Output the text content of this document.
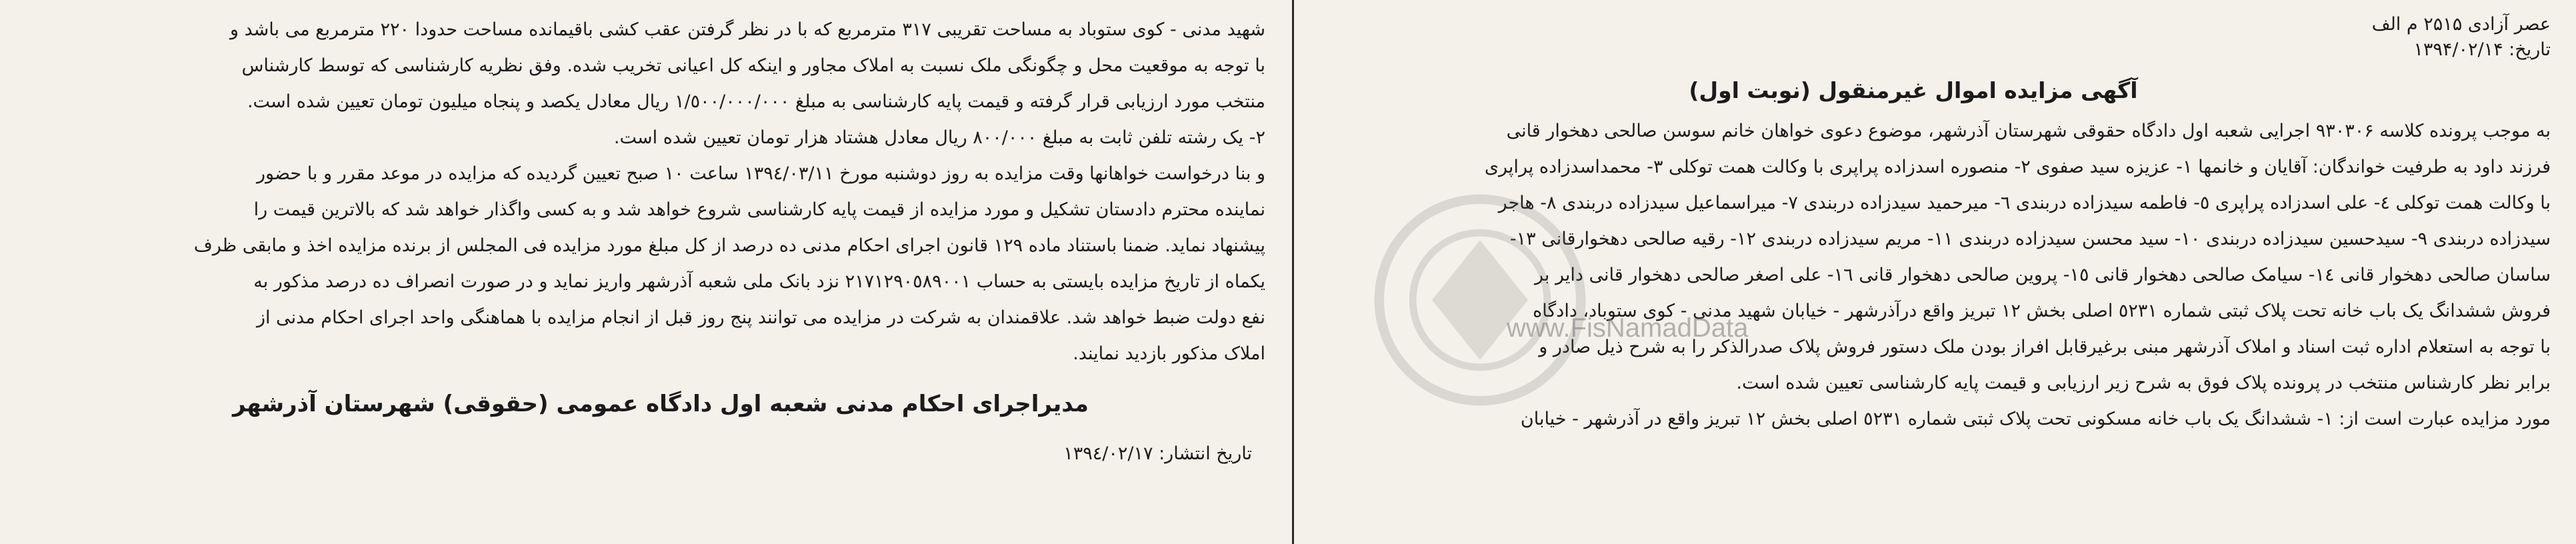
عصر آزادی ۲۵۱۵ م الف
تاریخ: ۱۳۹۴/۰۲/۱۴
آگهی مزایده اموال غیرمنقول (نوبت اول)
به موجب پرونده کلاسه ۹۳۰۳۰۶ اجرایی شعبه اول دادگاه حقوقی شهرستان آذرشهر، موضوع دعوی خواهان خانم سوسن صالحی دهخوار قانی
فرزند داود به طرفیت خواندگان: آقایان و خانمها ۱- عزیزه سید صفوی ۲- منصوره اسدزاده پراپری با وکالت همت توکلی ۳- محمداسدزاده پراپری
با وکالت همت توکلی ٤- علی اسدزاده پراپری ٥- فاطمه سیدزاده دربندی ٦- میرحمید سیدزاده دربندی ۷- میراسماعیل سیدزاده دربندی ۸- هاجر
سیدزاده دربندی ۹- سیدحسین سیدزاده دربندی ۱۰- سید محسن سیدزاده دربندی ۱۱- مریم سیدزاده دربندی ۱۲- رقیه صالحی دهخوارقانی ۱۳-
ساسان صالحی دهخوار قانی ۱٤- سیامک صالحی دهخوار قانی ۱٥- پروین صالحی دهخوار قانی ۱٦- علی اصغر صالحی دهخوار قانی دایر بر
فروش ششدانگ یک باب خانه تحت پلاک ثبتی شماره ٥۲۳۱ اصلی بخش ۱۲ تبریز واقع درآذرشهر - خیابان شهید مدنی - کوی ستوباد، دادگاه
با توجه به استعلام اداره ثبت اسناد و املاک آذرشهر مبنی برغیرقابل افراز بودن ملک دستور فروش پلاک صدرالذکر را به شرح ذیل صادر و
برابر نظر کارشناس منتخب در پرونده پلاک فوق به شرح زیر ارزیابی و قیمت پایه کارشناسی تعیین شده است.
مورد مزایده عبارت است از: ۱- ششدانگ یک باب خانه مسکونی تحت پلاک ثبتی شماره ٥۲۳۱ اصلی بخش ۱۲ تبریز واقع در آذرشهر - خیابان
شهید مدنی - کوی ستوباد به مساحت تقریبی ۳۱۷ مترمربع که با در نظر گرفتن عقب کشی باقیمانده مساحت حدودا ۲۲۰ مترمربع می باشد و
با توجه به موقعیت محل و چگونگی ملک نسبت به املاک مجاور و اینکه کل اعیانی تخریب شده. وفق نظریه کارشناسی که توسط کارشناس
منتخب مورد ارزیابی قرار گرفته و قیمت پایه کارشناسی به مبلغ ۱/٥۰۰/۰۰۰/۰۰۰ ریال معادل یکصد و پنجاه میلیون تومان تعیین شده است.
۲- یک رشته تلفن ثابت به مبلغ ۸۰۰/۰۰۰ ریال معادل هشتاد هزار تومان تعیین شده است.
و بنا درخواست خواهانها وقت مزایده به روز دوشنبه مورخ ۱۳۹٤/۰۳/۱۱ ساعت ۱۰ صبح تعیین گردیده که مزایده در موعد مقرر و با حضور
نماینده محترم دادستان تشکیل و مورد مزایده از قیمت پایه کارشناسی شروع خواهد شد و به کسی واگذار خواهد شد که بالاترین قیمت را
پیشنهاد نماید. ضمنا باستناد ماده ۱۲۹ قانون اجرای احکام مدنی ده درصد از کل مبلغ مورد مزایده فی المجلس از برنده مزایده اخذ و مابقی ظرف
یکماه از تاریخ مزایده بایستی به حساب ۲۱۷۱۲۹۰٥۸۹۰۰۱ نزد بانک ملی شعبه آذرشهر واریز نماید و در صورت انصراف ده درصد مذکور به
نفع دولت ضبط خواهد شد. علاقمندان به شرکت در مزایده می توانند پنج روز قبل از انجام مزایده با هماهنگی واحد اجرای احکام مدنی از
املاک مذکور بازدید نمایند.
مدیراجرای احکام مدنی شعبه اول دادگاه عمومی (حقوقی) شهرستان آذرشهر
تاریخ انتشار: ۱۳۹٤/۰۲/۱۷
www.FisNamadData
